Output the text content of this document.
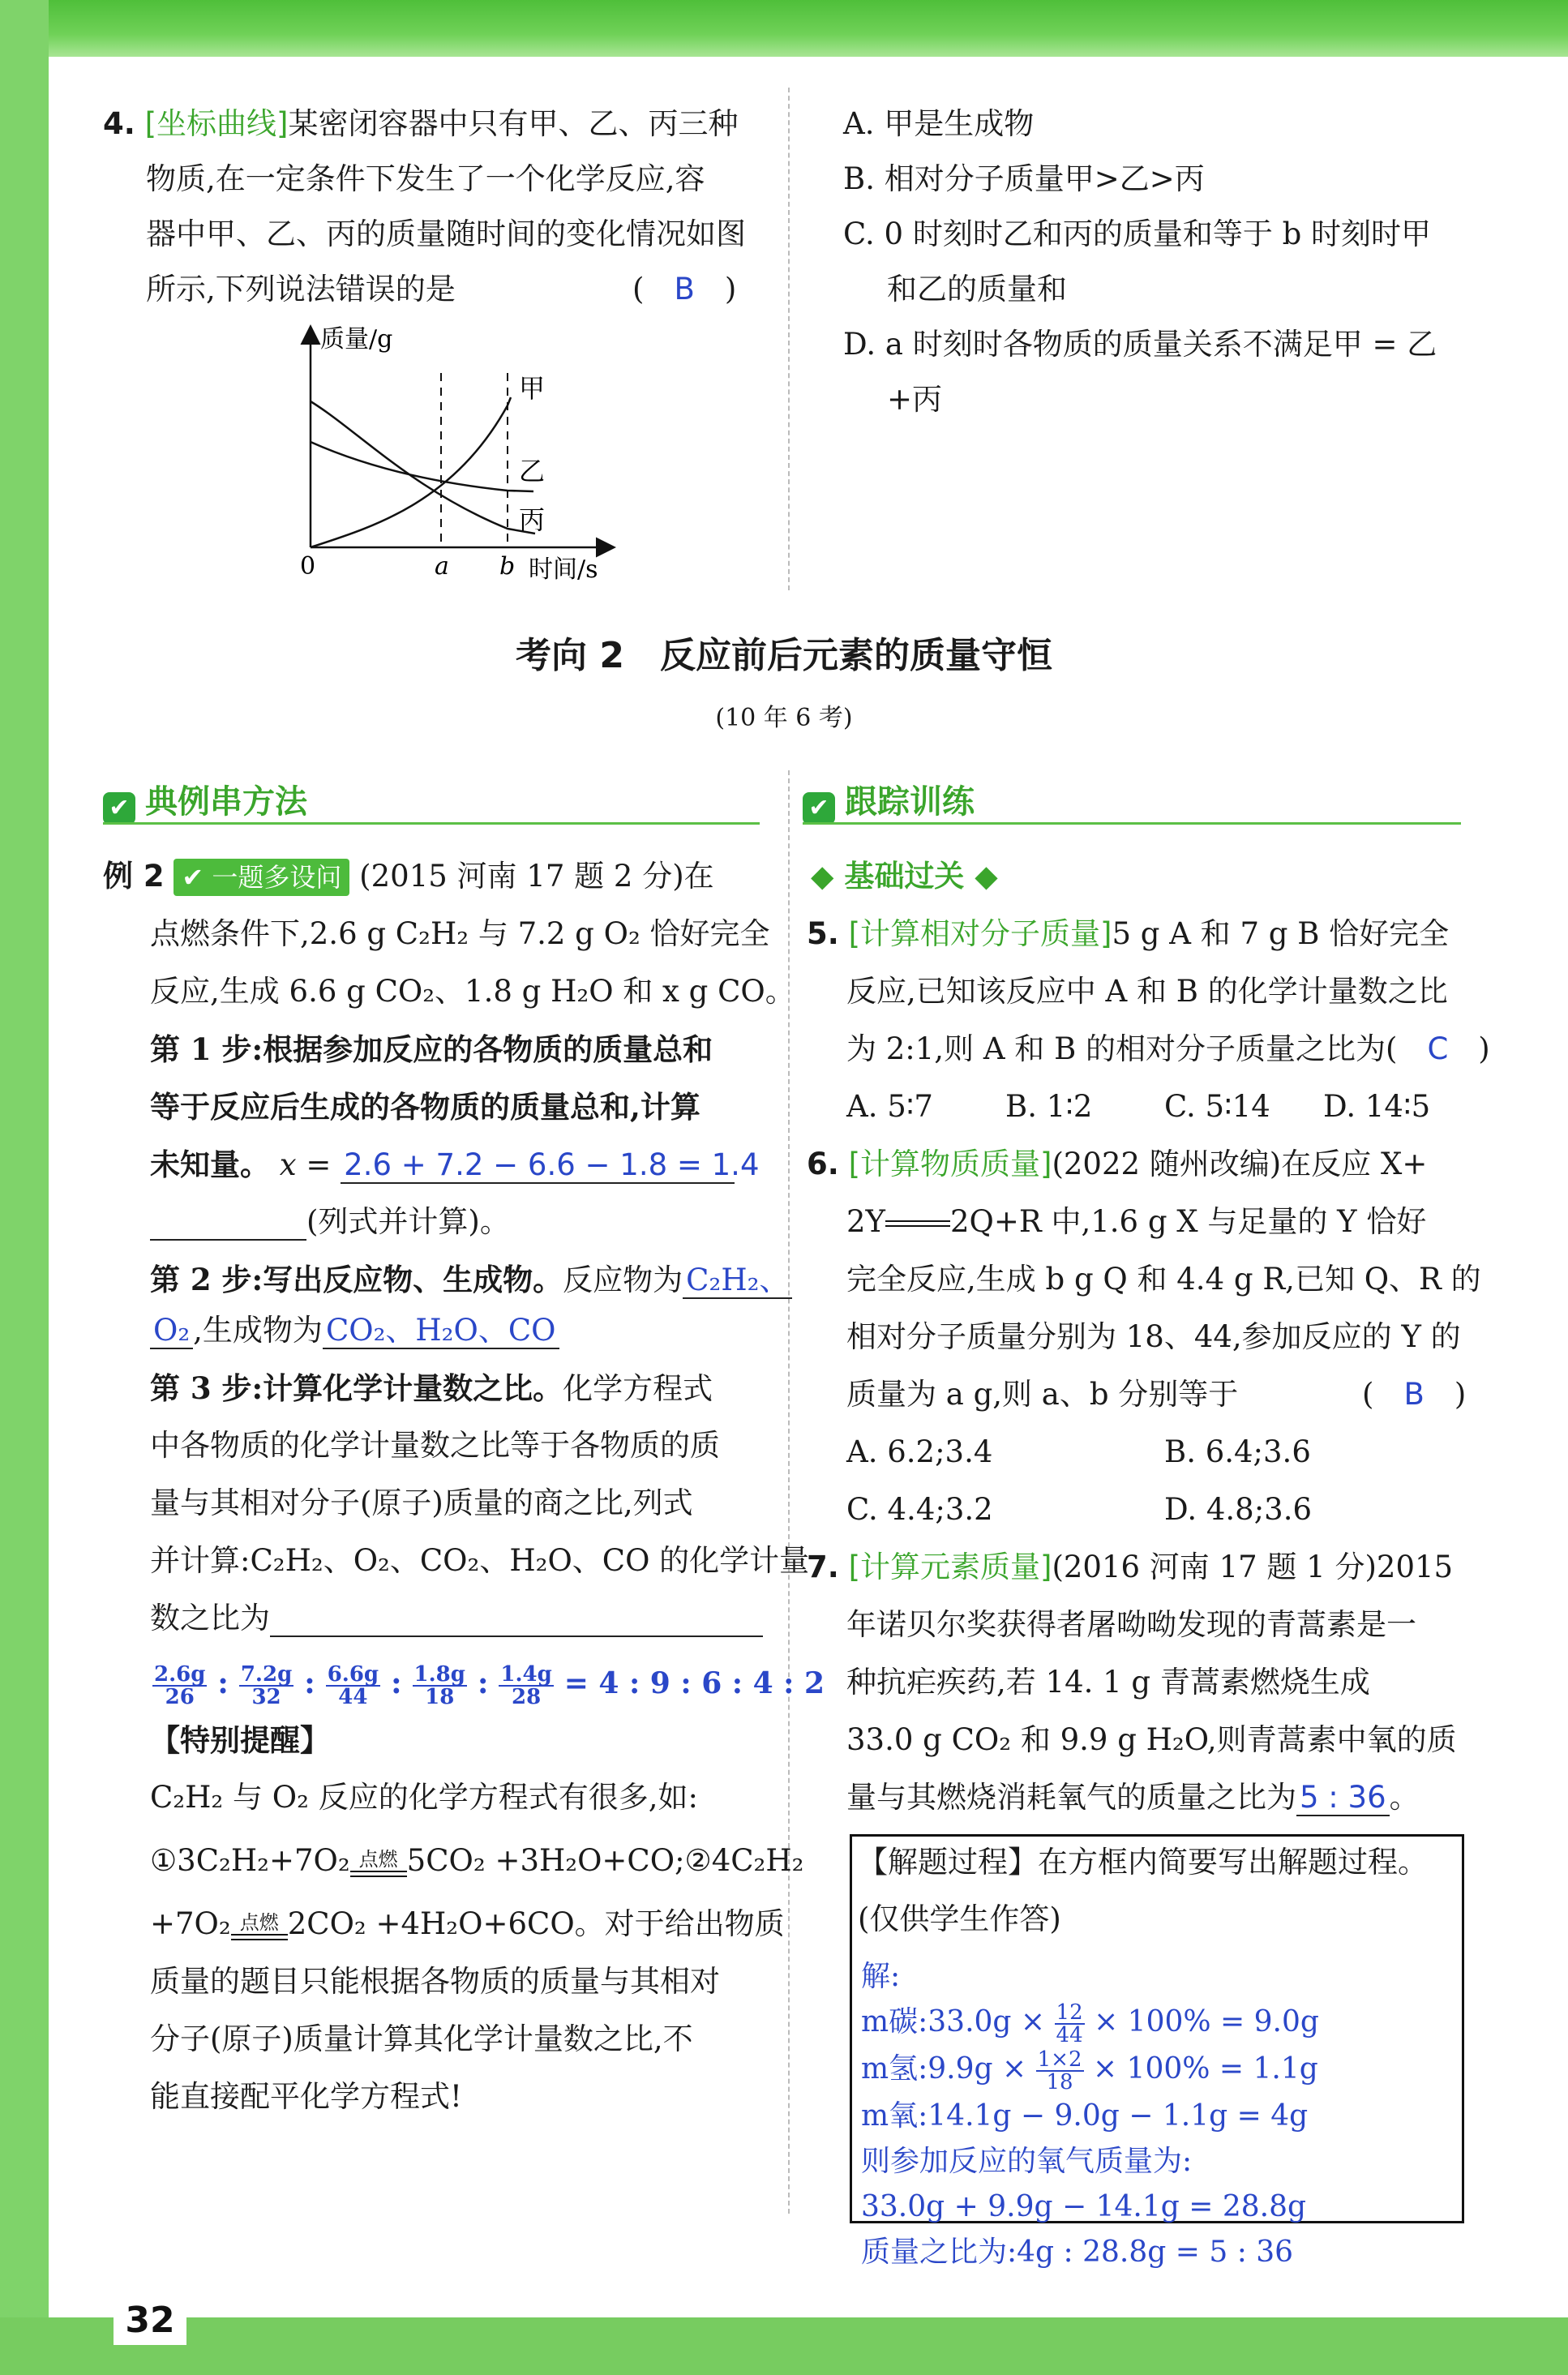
32
4. [坐标曲线]某密闭容器中只有甲、乙、丙三种
物质,在一定条件下发生了一个化学反应,容
器中甲、乙、丙的质量随时间的变化情况如图
所示,下列说法错误的是	(　B　)
质量/g
时间/s
0	a b
甲
乙
丙
A. 甲是生成物
B. 相对分子质量甲>乙>丙
C. 0 时刻时乙和丙的质量和等于 b 时刻时甲
和乙的质量和
D. a 时刻时各物质的质量关系不满足甲 = 乙
+丙
考向 2　反应前后元素的质量守恒
(10 年 6 考)
✔ 典例串方法	✔ 跟踪训练
例 2 ✔ 一题多设问 (2015 河南 17 题 2 分)在
点燃条件下,2.6 g C₂H₂ 与 7.2 g O₂ 恰好完全
反应,生成 6.6 g CO₂、1.8 g H₂O 和 x g CO。
第 1 步:根据参加反应的各物质的质量总和
等于反应后生成的各物质的质量总和,计算
未知量。 x = 2.6 + 7.2 − 6.6 − 1.8 = 1.4
(列式并计算)。
第 2 步:写出反应物、生成物。反应物为 C₂H₂、
O₂ ,生成物为 CO₂、H₂O、CO
第 3 步:计算化学计量数之比。化学方程式
中各物质的化学计量数之比等于各物质的质
量与其相对分子(原子)质量的商之比,列式
并计算:C₂H₂、O₂、CO₂、H₂O、CO 的化学计量
数之比为
$\frac{2.6g}{26}$ : $\frac{7.2g}{32}$ : $\frac{6.6g}{44}$ : $\frac{1.8g}{18}$ : $\frac{1.4g}{28} = 4$ : 9 : 6 : 4 : 2
【特别提醒】
C₂H₂ 与 O₂ 反应的化学方程式有很多,如:
①3C₂H₂+7O₂ 点燃 5CO₂ +3H₂O+CO;②4C₂H₂
+7O₂ 点燃 2CO₂ +4H₂O+6CO。对于给出物质
质量的题目只能根据各物质的质量与其相对
分子(原子)质量计算其化学计量数之比,不
能直接配平化学方程式!
◆ 基础过关 ◆
5. [计算相对分子质量]5 g A 和 7 g B 恰好完全
反应,已知该反应中 A 和 B 的化学计量数之比
为 2:1,则 A 和 B 的相对分子质量之比为(　C　)
A. 5∶7 B. 1∶2 C. 5∶14 D. 14∶5
6. [计算物质质量](2022 随州改编)在反应 X+
2Y 2Q+R 中,1.6 g X 与足量的 Y 恰好
完全反应,生成 b g Q 和 4.4 g R,已知 Q、R 的
相对分子质量分别为 18、44,参加反应的 Y 的
质量为 a g,则 a、b 分别等于	(　B　)
A. 6.2;3.4	B. 6.4;3.6
C. 4.4;3.2	D. 4.8;3.6
7. [计算元素质量](2016 河南 17 题 1 分)2015
年诺贝尔奖获得者屠呦呦发现的青蒿素是一
种抗疟疾药,若 14. 1 g 青蒿素燃烧生成
33.0 g CO₂ 和 9.9 g H₂O,则青蒿素中氧的质
量与其燃烧消耗氧气的质量之比为 5 : 36 。
【解题过程】在方框内简要写出解题过程。
(仅供学生作答)
解:
m碳:33.0g × $\frac{12}{44} \times 100\% = 9.0g$
m氢:9.9g × $\frac{1\times 2}{18} \times 100\% = 1.1g$
m氧:14.1g − 9.0g − 1.1g = 4g
则参加反应的氧气质量为:
33.0g + 9.9g − 14.1g = 28.8g
质量之比为:4g : 28.8g = 5 : 36
